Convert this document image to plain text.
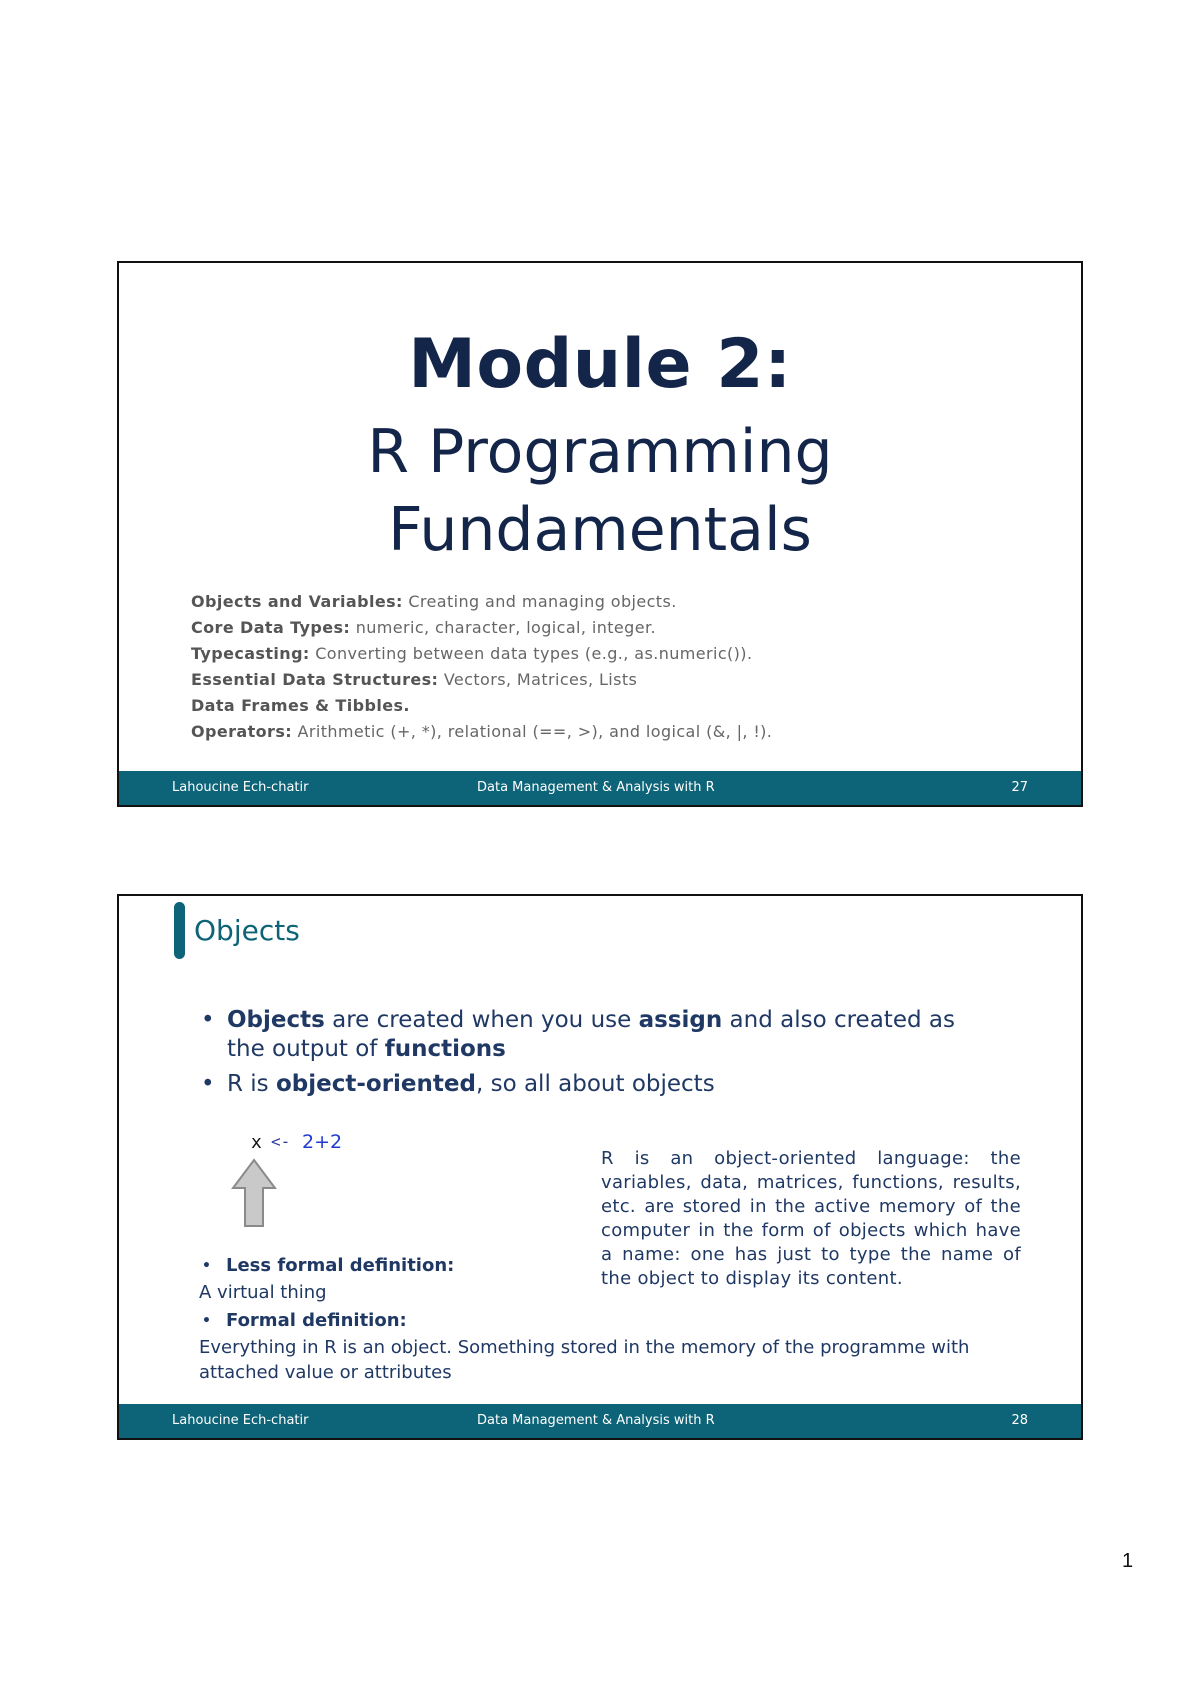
Module 2:
R Programming
Fundamentals
Objects and Variables: Creating and managing objects.
Core Data Types: numeric, character, logical, integer.
Typecasting: Converting between data types (e.g., as.numeric()).
Essential Data Structures: Vectors, Matrices, Lists
Data Frames & Tibbles.
Operators: Arithmetic (+, *), relational (==, >), and logical (&, |, !).
Lahoucine Ech-chatir	Data Management & Analysis with R	27
Objects
• Objects are created when you use assign and also created as the output of functions
• R is object-oriented, so all about objects
x <- 2+2
R is an object-oriented language: the variables, data, matrices, functions, results, etc. are stored in the active memory of the computer in the form of objects which have a name: one has just to type the name of the object to display its content.
• Less formal definition:
A virtual thing
• Formal definition:
Everything in R is an object. Something stored in the memory of the programme with attached value or attributes
Lahoucine Ech-chatir	Data Management & Analysis with R	28
1
